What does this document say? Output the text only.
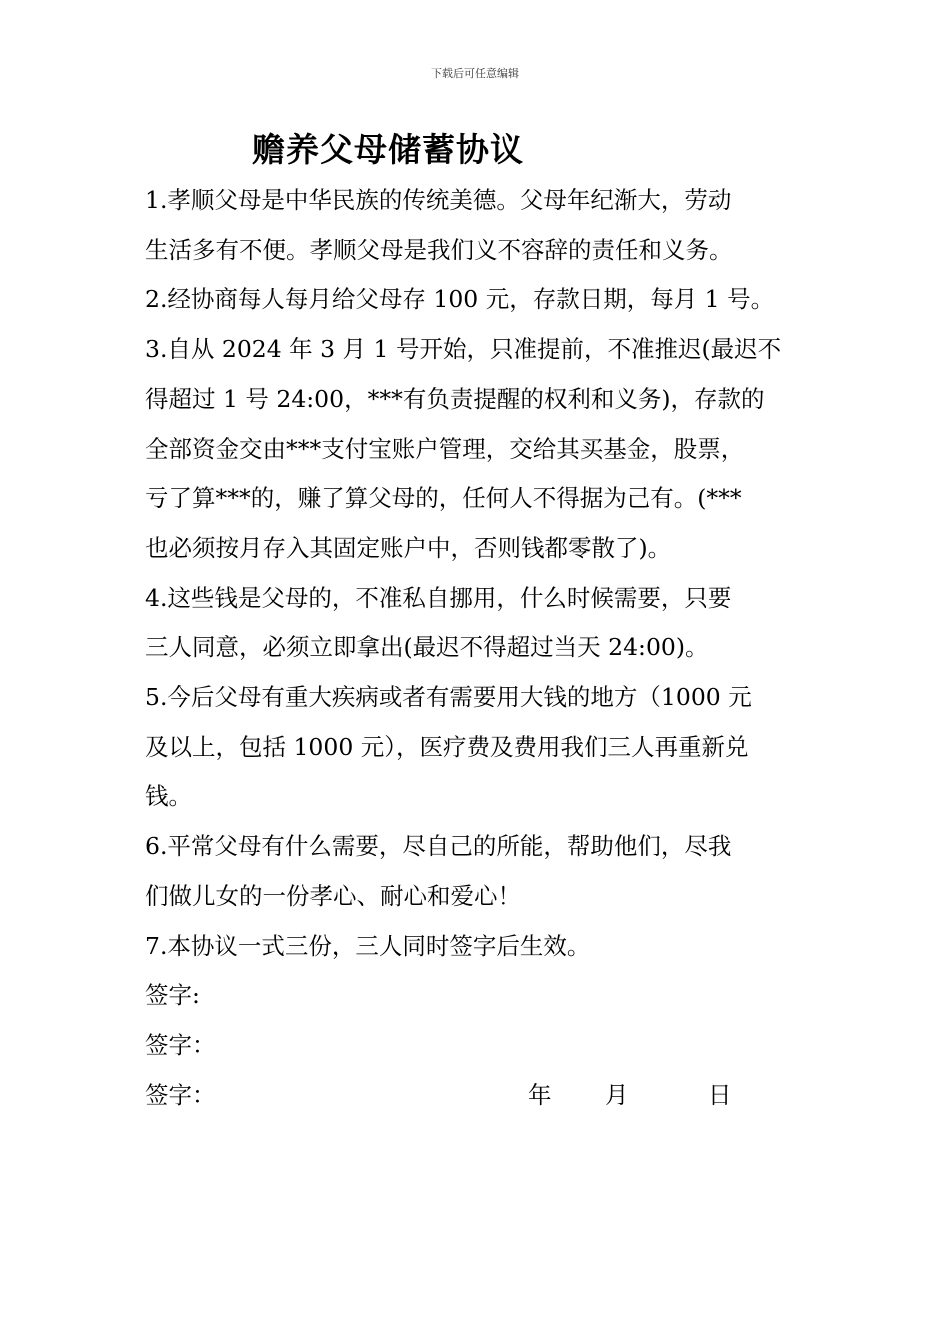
下载后可任意编辑
赡养父母储蓄协议

1.孝顺父母是中华民族的传统美德。父母年纪渐大，劳动

生活多有不便。孝顺父母是我们义不容辞的责任和义务。

2.经协商每人每月给父母存 100 元，存款日期，每月 1 号。

3.自从 2024 年 3 月 1 号开始，只准提前，不准推迟(最迟不

得超过 1 号 24:00，***有负责提醒的权利和义务)，存款的

全部资金交由***支付宝账户管理，交给其买基金，股票，

亏了算***的，赚了算父母的，任何人不得据为己有。(***

也必须按月存入其固定账户中，否则钱都零散了)。

4.这些钱是父母的，不准私自挪用，什么时候需要，只要

三人同意，必须立即拿出(最迟不得超过当天 24:00)。

5.今后父母有重大疾病或者有需要用大钱的地方（1000 元

及以上，包括 1000 元），医疗费及费用我们三人再重新兑

钱。

6.平常父母有什么需要，尽自己的所能，帮助他们，尽我

们做儿女的一份孝心、耐心和爱心！

7.本协议一式三份，三人同时签字后生效。

签字:
签字：
签字：	年 月	日
